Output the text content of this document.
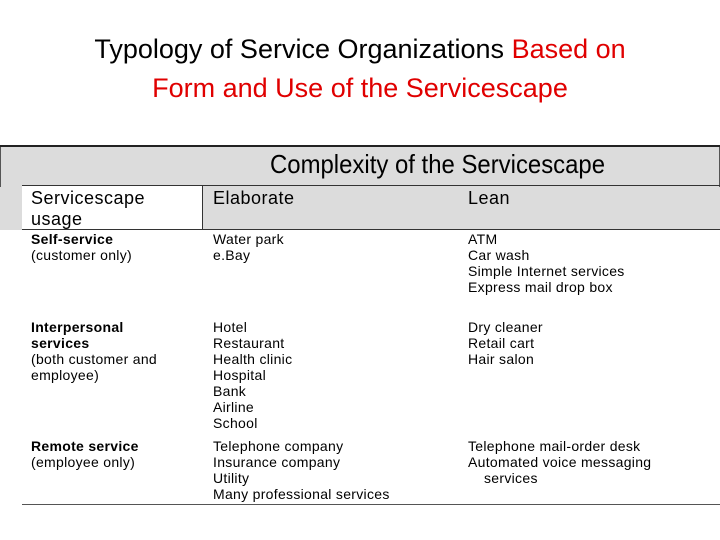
Typology of Service Organizations Based on
Form and Use of the Servicescape
Complexity of the Servicescape
Servicescape usage
Elaborate	Lean
Self-service
(customer only)
Water park
e.Bay
ATM
Car wash
Simple Internet services
Express mail drop box
Interpersonal
services
(both customer and
employee)
Hotel
Restaurant
Health clinic
Hospital
Bank
Airline
School
Dry cleaner
Retail cart
Hair salon
Remote service
(employee only)
Telephone company
Insurance company
Utility
Many professional services
Telephone mail-order desk
Automated voice messaging
services
